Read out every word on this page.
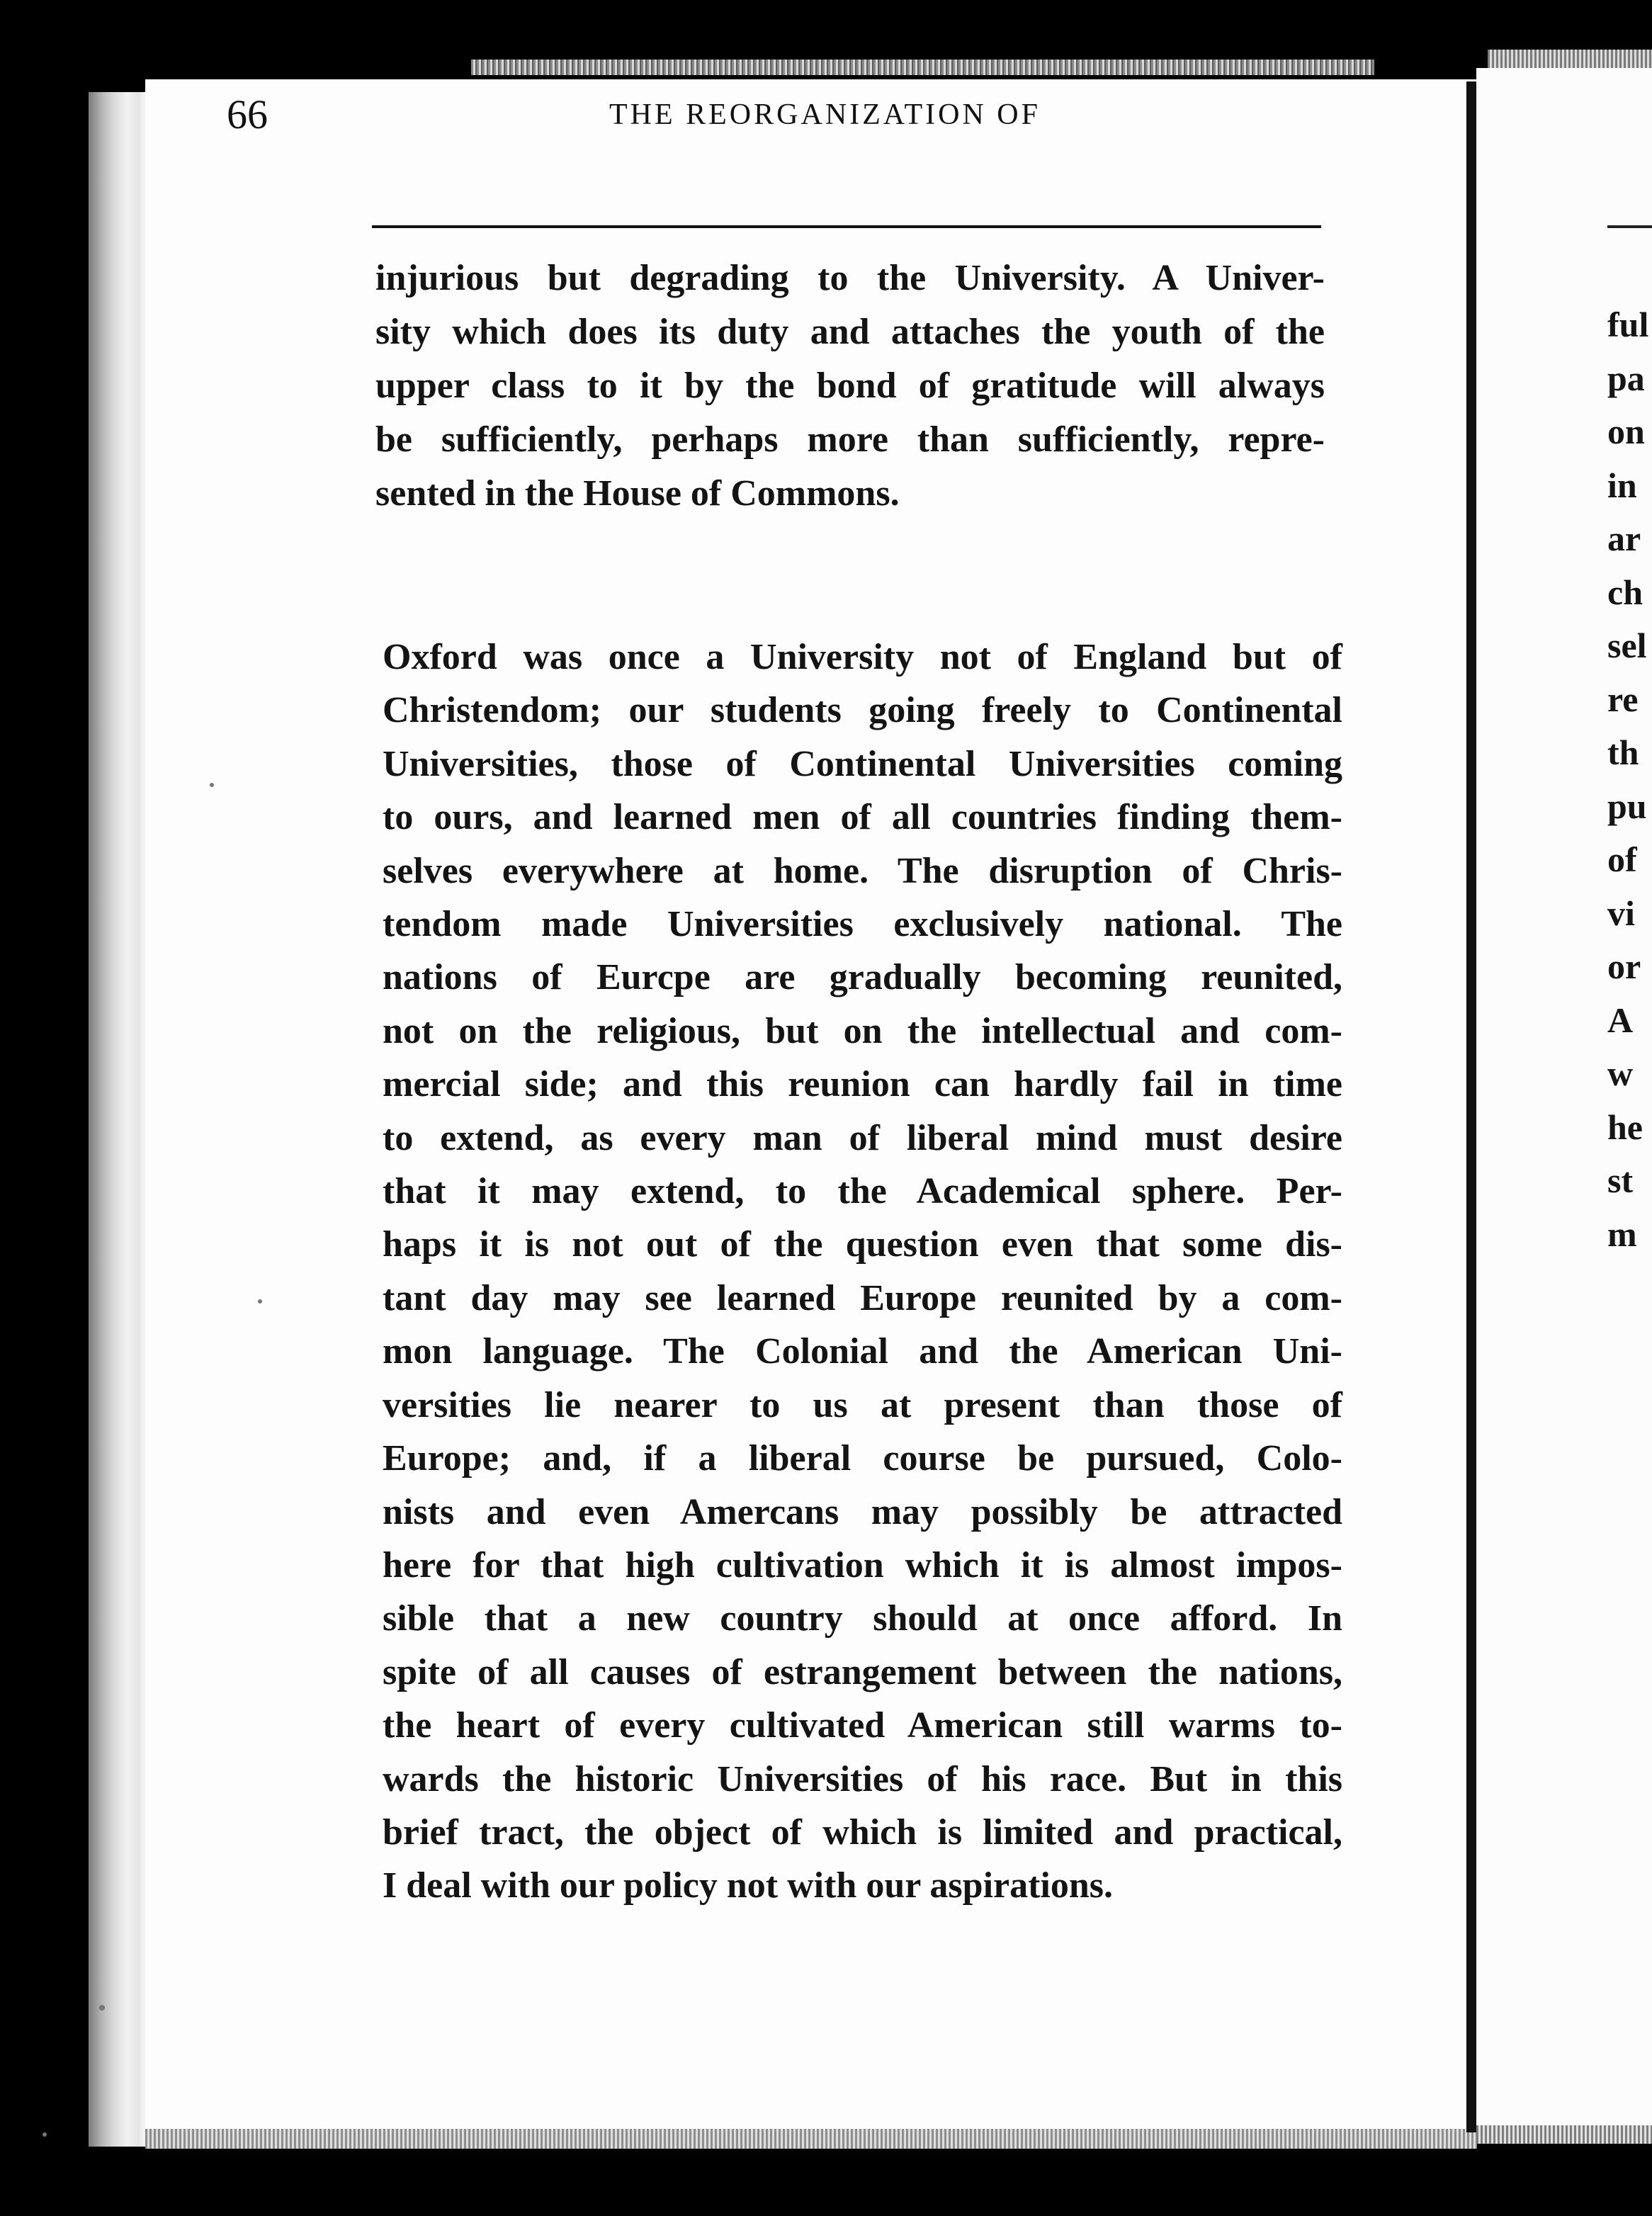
ful
pa
on
in
ar
ch
sel
re
th
pu
of
vi
or
A
w
he
st
m
66	THE REORGANIZATION OF
injurious but degrading to the University. A Univer-
sity which does its duty and attaches the youth of the
upper class to it by the bond of gratitude will always
be sufficiently, perhaps more than sufficiently, repre-
sented in the House of Commons.
Oxford was once a University not of England but of
Christendom; our students going freely to Continental
Universities, those of Continental Universities coming
to ours, and learned men of all countries finding them-
selves everywhere at home. The disruption of Chris-
tendom made Universities exclusively national. The
nations of Eurcpe are gradually becoming reunited,
not on the religious, but on the intellectual and com-
mercial side; and this reunion can hardly fail in time
to extend, as every man of liberal mind must desire
that it may extend, to the Academical sphere. Per-
haps it is not out of the question even that some dis-
tant day may see learned Europe reunited by a com-
mon language. The Colonial and the American Uni-
versities lie nearer to us at present than those of
Europe; and, if a liberal course be pursued, Colo-
nists and even Amercans may possibly be attracted
here for that high cultivation which it is almost impos-
sible that a new country should at once afford. In
spite of all causes of estrangement between the nations,
the heart of every cultivated American still warms to-
wards the historic Universities of his race. But in this
brief tract, the object of which is limited and practical,
I deal with our policy not with our aspirations.
